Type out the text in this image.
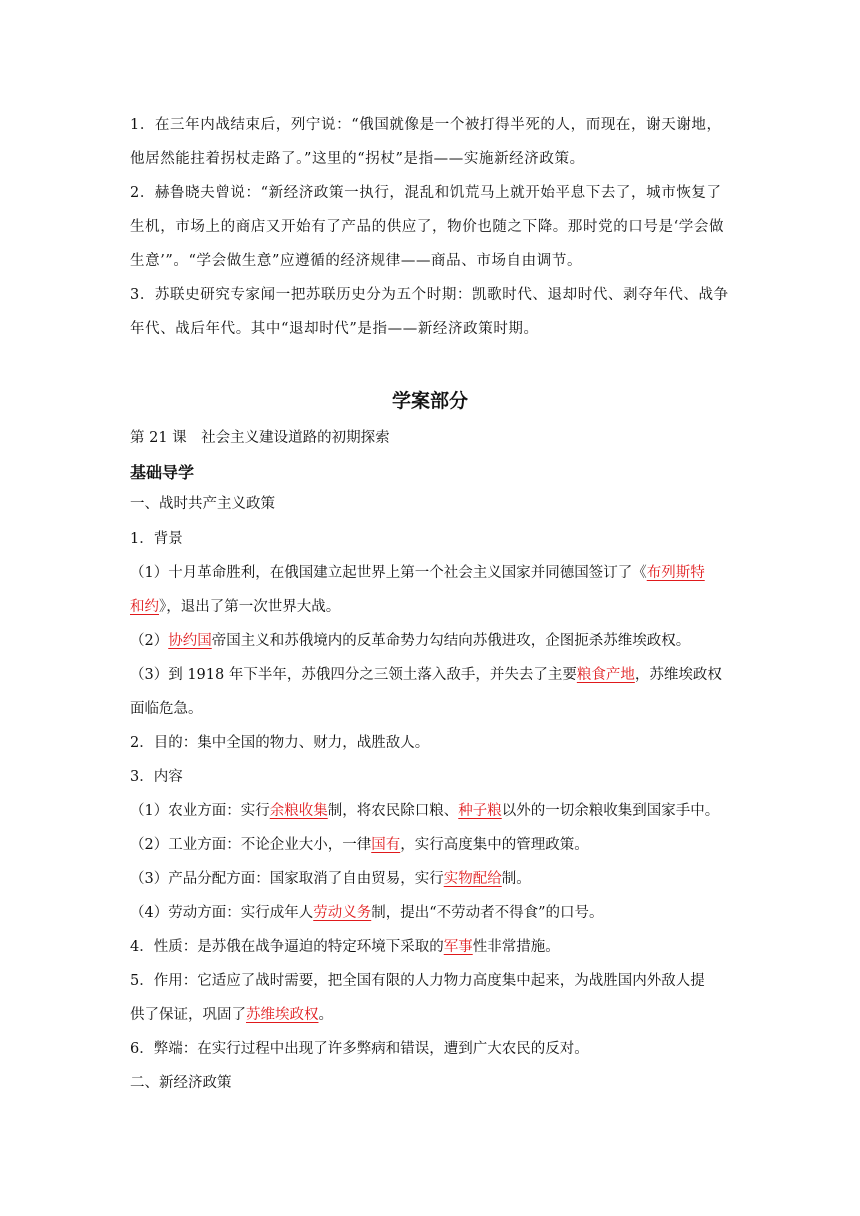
1．在三年内战结束后，列宁说：“俄国就像是一个被打得半死的人，而现在，谢天谢地，他居然能拄着拐杖走路了。”这里的“拐杖”是指——实施新经济政策。

2．赫鲁晓夫曾说：“新经济政策一执行，混乱和饥荒马上就开始平息下去了，城市恢复了生机，市场上的商店又开始有了产品的供应了，物价也随之下降。那时党的口号是‘学会做生意’”。“学会做生意”应遵循的经济规律——商品、市场自由调节。

3．苏联史研究专家闻一把苏联历史分为五个时期：凯歌时代、退却时代、剥夺年代、战争年代、战后年代。其中“退却时代”是指——新经济政策时期。

学案部分
第 21 课　社会主义建设道路的初期探索
基础导学
一、战时共产主义政策
1．背景
（1）十月革命胜利，在俄国建立起世界上第一个社会主义国家并同德国签订了《布列斯特
和约》，退出了第一次世界大战。
（2）协约国帝国主义和苏俄境内的反革命势力勾结向苏俄进攻，企图扼杀苏维埃政权。
（3）到 1918 年下半年，苏俄四分之三领土落入敌手，并失去了主要粮食产地，苏维埃政权
面临危急。
2．目的：集中全国的物力、财力，战胜敌人。
3．内容
（1）农业方面：实行余粮收集制，将农民除口粮、种子粮以外的一切余粮收集到国家手中。
（2）工业方面：不论企业大小，一律国有，实行高度集中的管理政策。
（3）产品分配方面：国家取消了自由贸易，实行实物配给制。
（4）劳动方面：实行成年人劳动义务制，提出“不劳动者不得食”的口号。
4．性质：是苏俄在战争逼迫的特定环境下采取的军事性非常措施。
5．作用：它适应了战时需要，把全国有限的人力物力高度集中起来，为战胜国内外敌人提
供了保证，巩固了苏维埃政权。
6．弊端：在实行过程中出现了许多弊病和错误，遭到广大农民的反对。
二、新经济政策
